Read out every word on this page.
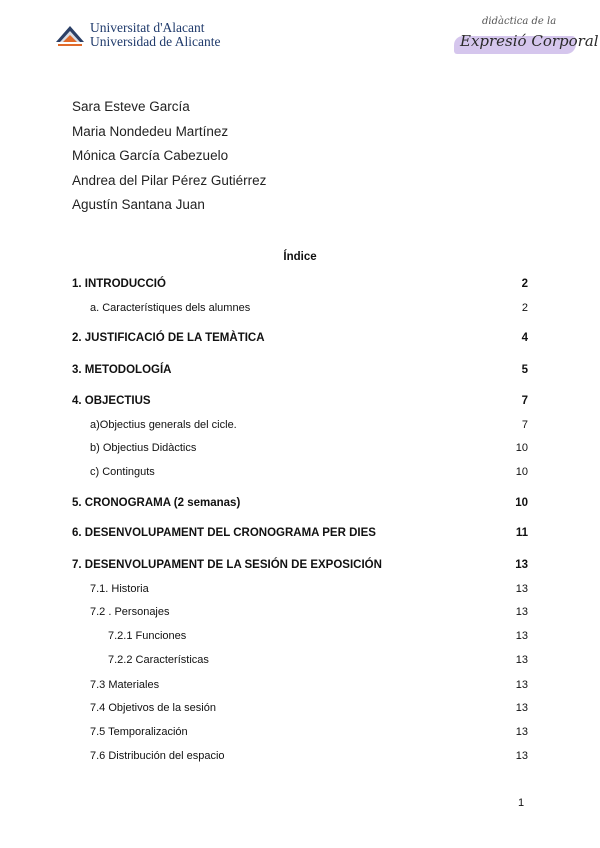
Universitat d'Alacant
Universidad de Alicante
didàctica de la
Expresió Corporal
Sara Esteve García
Maria Nondedeu Martínez
Mónica García Cabezuelo
Andrea del Pilar Pérez Gutiérrez
Agustín Santana Juan
Índice
1. INTRODUCCIÓ	2
a. Característiques dels alumnes	2
2. JUSTIFICACIÓ DE LA TEMÀTICA	4
3. METODOLOGÍA	5
4. OBJECTIUS	7
a)Objectius generals del cicle.	7
b) Objectius Didàctics	10
c) Continguts	10
5. CRONOGRAMA (2 semanas)	10
6. DESENVOLUPAMENT DEL CRONOGRAMA PER DIES	11
7. DESENVOLUPAMENT DE LA SESIÓN DE EXPOSICIÓN	13
7.1. Historia	13
7.2 . Personajes	13
7.2.1 Funciones	13
7.2.2 Características	13
7.3 Materiales	13
7.4 Objetivos de la sesión	13
7.5 Temporalización	13
7.6 Distribución del espacio	13
1
